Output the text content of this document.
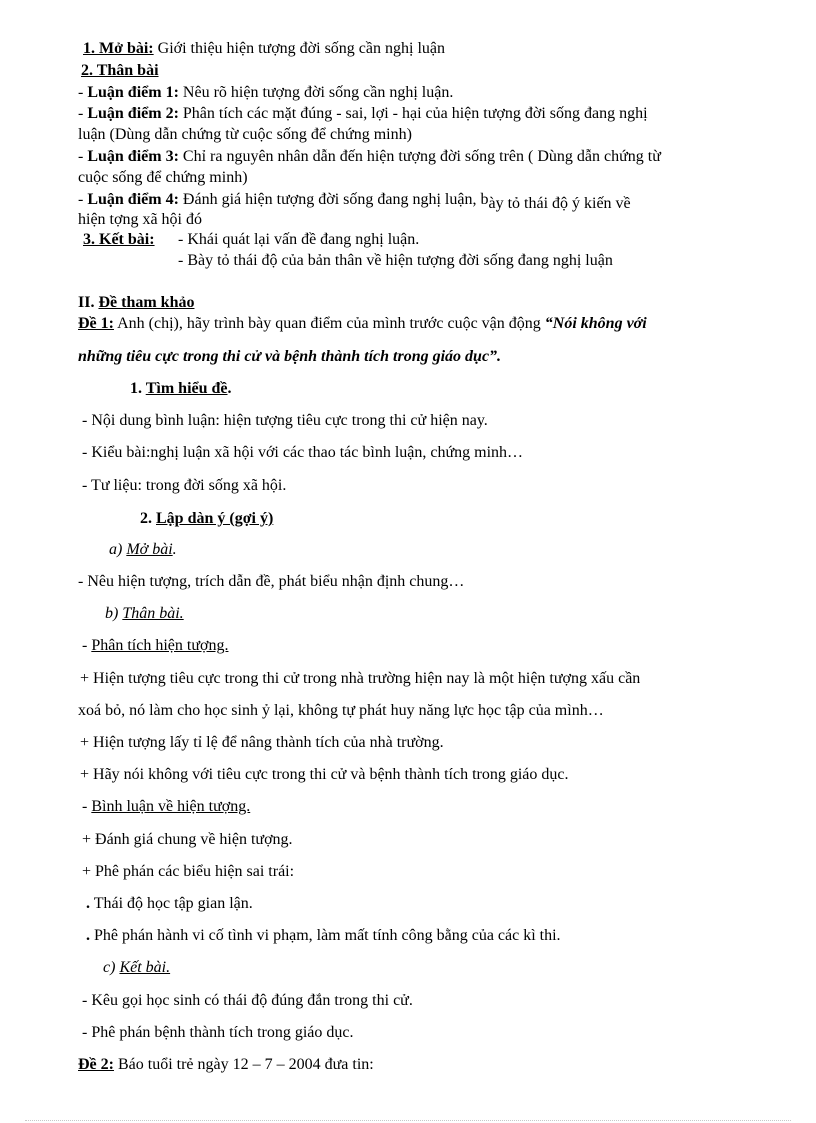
1. Mở bài: Giới thiệu hiện tượng đời sống cần nghị luận
2. Thân bài
- Luận điểm 1: Nêu rõ hiện tượng đời sống cần nghị luận.
- Luận điểm 2: Phân tích các mặt đúng - sai, lợi - hại của hiện tượng đời sống đang nghị
luận (Dùng dẫn chứng từ cuộc sống để chứng minh)
- Luận điểm 3: Chỉ ra nguyên nhân dẫn đến hiện tượng đời sống trên ( Dùng dẫn chứng từ
cuộc sống để chứng minh)
- Luận điểm 4: Đánh giá hiện tượng đời sống đang nghị luận, bày tỏ thái độ ý kiến về
hiện tợng xã hội đó
3. Kết bài: - Khái quát lại vấn đề đang nghị luận.
- Bày tỏ thái độ của bản thân về hiện tượng đời sống đang nghị luận
II. Đề tham khảo
Đề 1: Anh (chị), hãy trình bày quan điểm của mình trước cuộc vận động “Nói không với
những tiêu cực trong thi cử và bệnh thành tích trong giáo dục”.
1. Tìm hiểu đề.
- Nội dung bình luận: hiện tượng tiêu cực trong thi cử hiện nay.
- Kiểu bài:nghị luận xã hội với các thao tác bình luận, chứng minh…
- Tư liệu: trong đời sống xã hội.
2. Lập dàn ý (gợi ý)
a) Mở bài.
- Nêu hiện tượng, trích dẫn đề, phát biểu nhận định chung…
b) Thân bài.
- Phân tích hiện tượng.
+ Hiện tượng tiêu cực trong thi cử trong nhà trường hiện nay là một hiện tượng xấu cần
xoá bỏ, nó làm cho học sinh ỷ lại, không tự phát huy năng lực học tập của mình…
+ Hiện tượng lấy tỉ lệ để nâng thành tích của nhà trường.
+ Hãy nói không với tiêu cực trong thi cử và bệnh thành tích trong giáo dục.
- Bình luận về hiện tượng.
+ Đánh giá chung về hiện tượng.
+ Phê phán các biểu hiện sai trái:
. Thái độ học tập gian lận.
. Phê phán hành vi cố tình vi phạm, làm mất tính công bằng của các kì thi.
c) Kết bài.
- Kêu gọi học sinh có thái độ đúng đắn trong thi cử.
- Phê phán bệnh thành tích trong giáo dục.
Đề 2: Báo tuổi trẻ ngày 12 – 7 – 2004 đưa tin:
